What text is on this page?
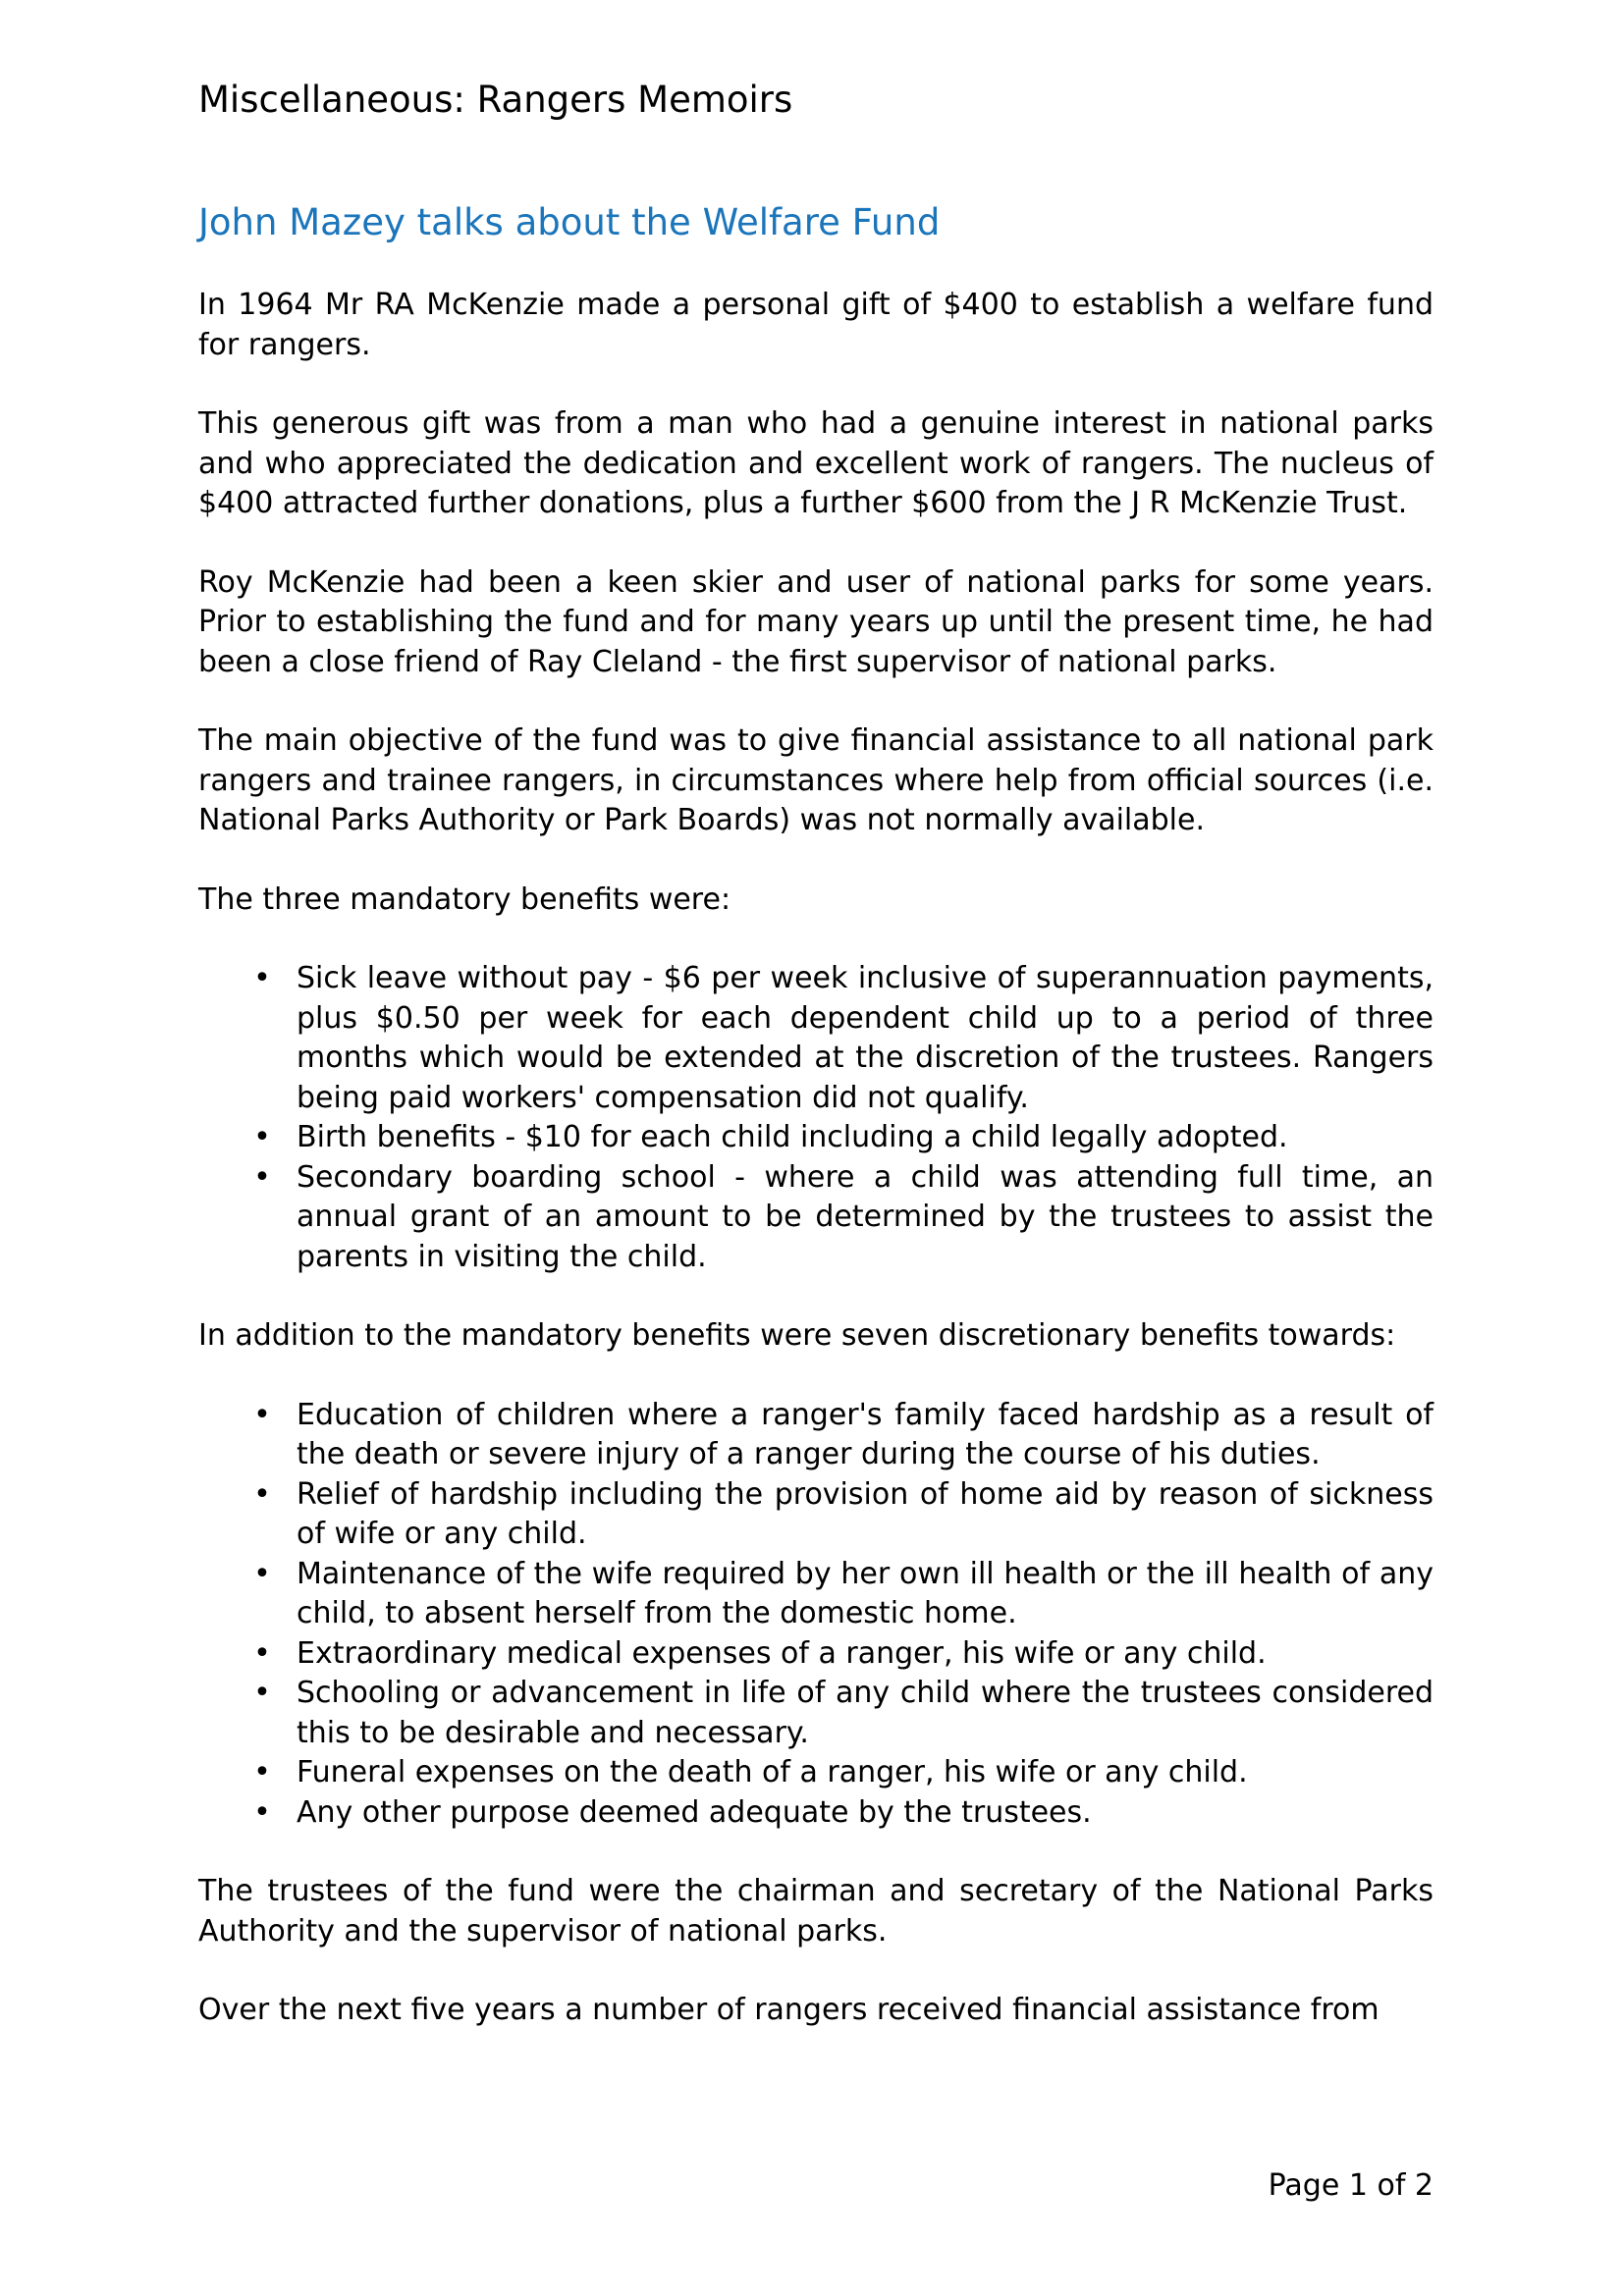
Miscellaneous: Rangers Memoirs
John Mazey talks about the Welfare Fund

In 1964 Mr RA McKenzie made a personal gift of $400 to establish a welfare fund for rangers.

This generous gift was from a man who had a genuine interest in national parks and who appreciated the dedication and excellent work of rangers. The nucleus of $400 attracted further donations, plus a further $600 from the J R McKenzie Trust.

Roy McKenzie had been a keen skier and user of national parks for some years. Prior to establishing the fund and for many years up until the present time, he had been a close friend of Ray Cleland - the first supervisor of national parks.

The main objective of the fund was to give financial assistance to all national park rangers and trainee rangers, in circumstances where help from official sources (i.e. National Parks Authority or Park Boards) was not normally available.

The three mandatory benefits were:

• Sick leave without pay - $6 per week inclusive of superannuation payments, plus $0.50 per week for each dependent child up to a period of three months which would be extended at the discretion of the trustees. Rangers being paid workers' compensation did not qualify.
• Birth benefits - $10 for each child including a child legally adopted.
• Secondary boarding school - where a child was attending full time, an annual grant of an amount to be determined by the trustees to assist the parents in visiting the child.

In addition to the mandatory benefits were seven discretionary benefits towards:

• Education of children where a ranger's family faced hardship as a result of the death or severe injury of a ranger during the course of his duties.
• Relief of hardship including the provision of home aid by reason of sickness of wife or any child.
• Maintenance of the wife required by her own ill health or the ill health of any child, to absent herself from the domestic home.
• Extraordinary medical expenses of a ranger, his wife or any child.
• Schooling or advancement in life of any child where the trustees considered this to be desirable and necessary.
• Funeral expenses on the death of a ranger, his wife or any child.
• Any other purpose deemed adequate by the trustees.

The trustees of the fund were the chairman and secretary of the National Parks Authority and the supervisor of national parks.

Over the next five years a number of rangers received financial assistance from

Page 1 of 2
